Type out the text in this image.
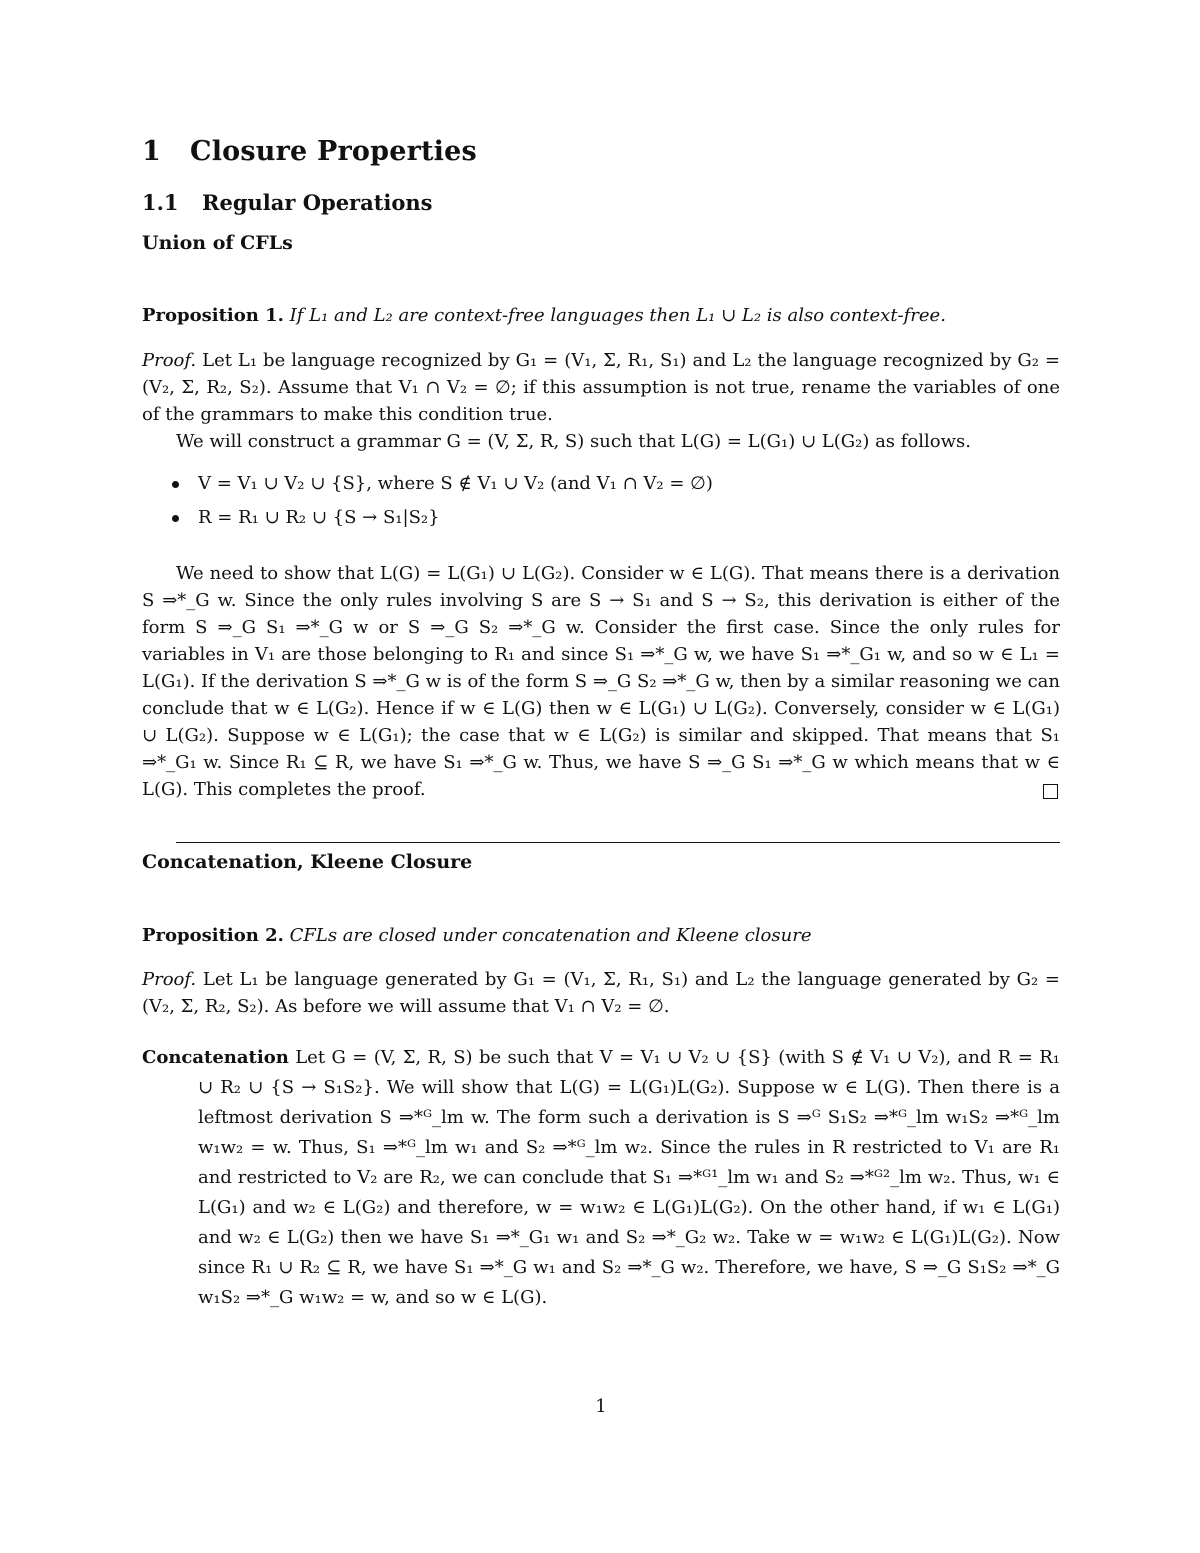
1 Closure Properties
1.1 Regular Operations
Union of CFLs

Proposition 1. If L₁ and L₂ are context-free languages then L₁ ∪ L₂ is also context-free.

Proof. Let L₁ be language recognized by G₁ = (V₁, Σ, R₁, S₁) and L₂ the language recognized by G₂ = (V₂, Σ, R₂, S₂). Assume that V₁ ∩ V₂ = ∅; if this assumption is not true, rename the variables of one of the grammars to make this condition true.

We will construct a grammar G = (V, Σ, R, S) such that L(G) = L(G₁) ∪ L(G₂) as follows.

V = V₁ ∪ V₂ ∪ {S}, where S ∉ V₁ ∪ V₂ (and V₁ ∩ V₂ = ∅)
R = R₁ ∪ R₂ ∪ {S → S₁|S₂}

We need to show that L(G) = L(G₁) ∪ L(G₂). Consider w ∈ L(G). That means there is a derivation S ⇒*_G w. Since the only rules involving S are S → S₁ and S → S₂, this derivation is either of the form S ⇒_G S₁ ⇒*_G w or S ⇒_G S₂ ⇒*_G w. Consider the first case. Since the only rules for variables in V₁ are those belonging to R₁ and since S₁ ⇒*_G w, we have S₁ ⇒*_G₁ w, and so w ∈ L₁ = L(G₁). If the derivation S ⇒*_G w is of the form S ⇒_G S₂ ⇒*_G w, then by a similar reasoning we can conclude that w ∈ L(G₂). Hence if w ∈ L(G) then w ∈ L(G₁) ∪ L(G₂). Conversely, consider w ∈ L(G₁) ∪ L(G₂). Suppose w ∈ L(G₁); the case that w ∈ L(G₂) is similar and skipped. That means that S₁ ⇒*_G₁ w. Since R₁ ⊆ R, we have S₁ ⇒*_G w. Thus, we have S ⇒_G S₁ ⇒*_G w which means that w ∈ L(G). This completes the proof.

Concatenation, Kleene Closure

Proposition 2. CFLs are closed under concatenation and Kleene closure

Proof. Let L₁ be language generated by G₁ = (V₁, Σ, R₁, S₁) and L₂ the language generated by G₂ = (V₂, Σ, R₂, S₂). As before we will assume that V₁ ∩ V₂ = ∅.

Concatenation Let G = (V, Σ, R, S) be such that V = V₁ ∪ V₂ ∪ {S} (with S ∉ V₁ ∪ V₂), and R = R₁ ∪ R₂ ∪ {S → S₁S₂}. We will show that L(G) = L(G₁)L(G₂). Suppose w ∈ L(G). Then there is a leftmost derivation S ⇒*ᴳ_lm w. The form such a derivation is S ⇒ᴳ S₁S₂ ⇒*ᴳ_lm w₁S₂ ⇒*ᴳ_lm w₁w₂ = w. Thus, S₁ ⇒*ᴳ_lm w₁ and S₂ ⇒*ᴳ_lm w₂. Since the rules in R restricted to V₁ are R₁ and restricted to V₂ are R₂, we can conclude that S₁ ⇒*ᴳ¹_lm w₁ and S₂ ⇒*ᴳ²_lm w₂. Thus, w₁ ∈ L(G₁) and w₂ ∈ L(G₂) and therefore, w = w₁w₂ ∈ L(G₁)L(G₂). On the other hand, if w₁ ∈ L(G₁) and w₂ ∈ L(G₂) then we have S₁ ⇒*_G₁ w₁ and S₂ ⇒*_G₂ w₂. Take w = w₁w₂ ∈ L(G₁)L(G₂). Now since R₁ ∪ R₂ ⊆ R, we have S₁ ⇒*_G w₁ and S₂ ⇒*_G w₂. Therefore, we have, S ⇒_G S₁S₂ ⇒*_G w₁S₂ ⇒*_G w₁w₂ = w, and so w ∈ L(G).

1
